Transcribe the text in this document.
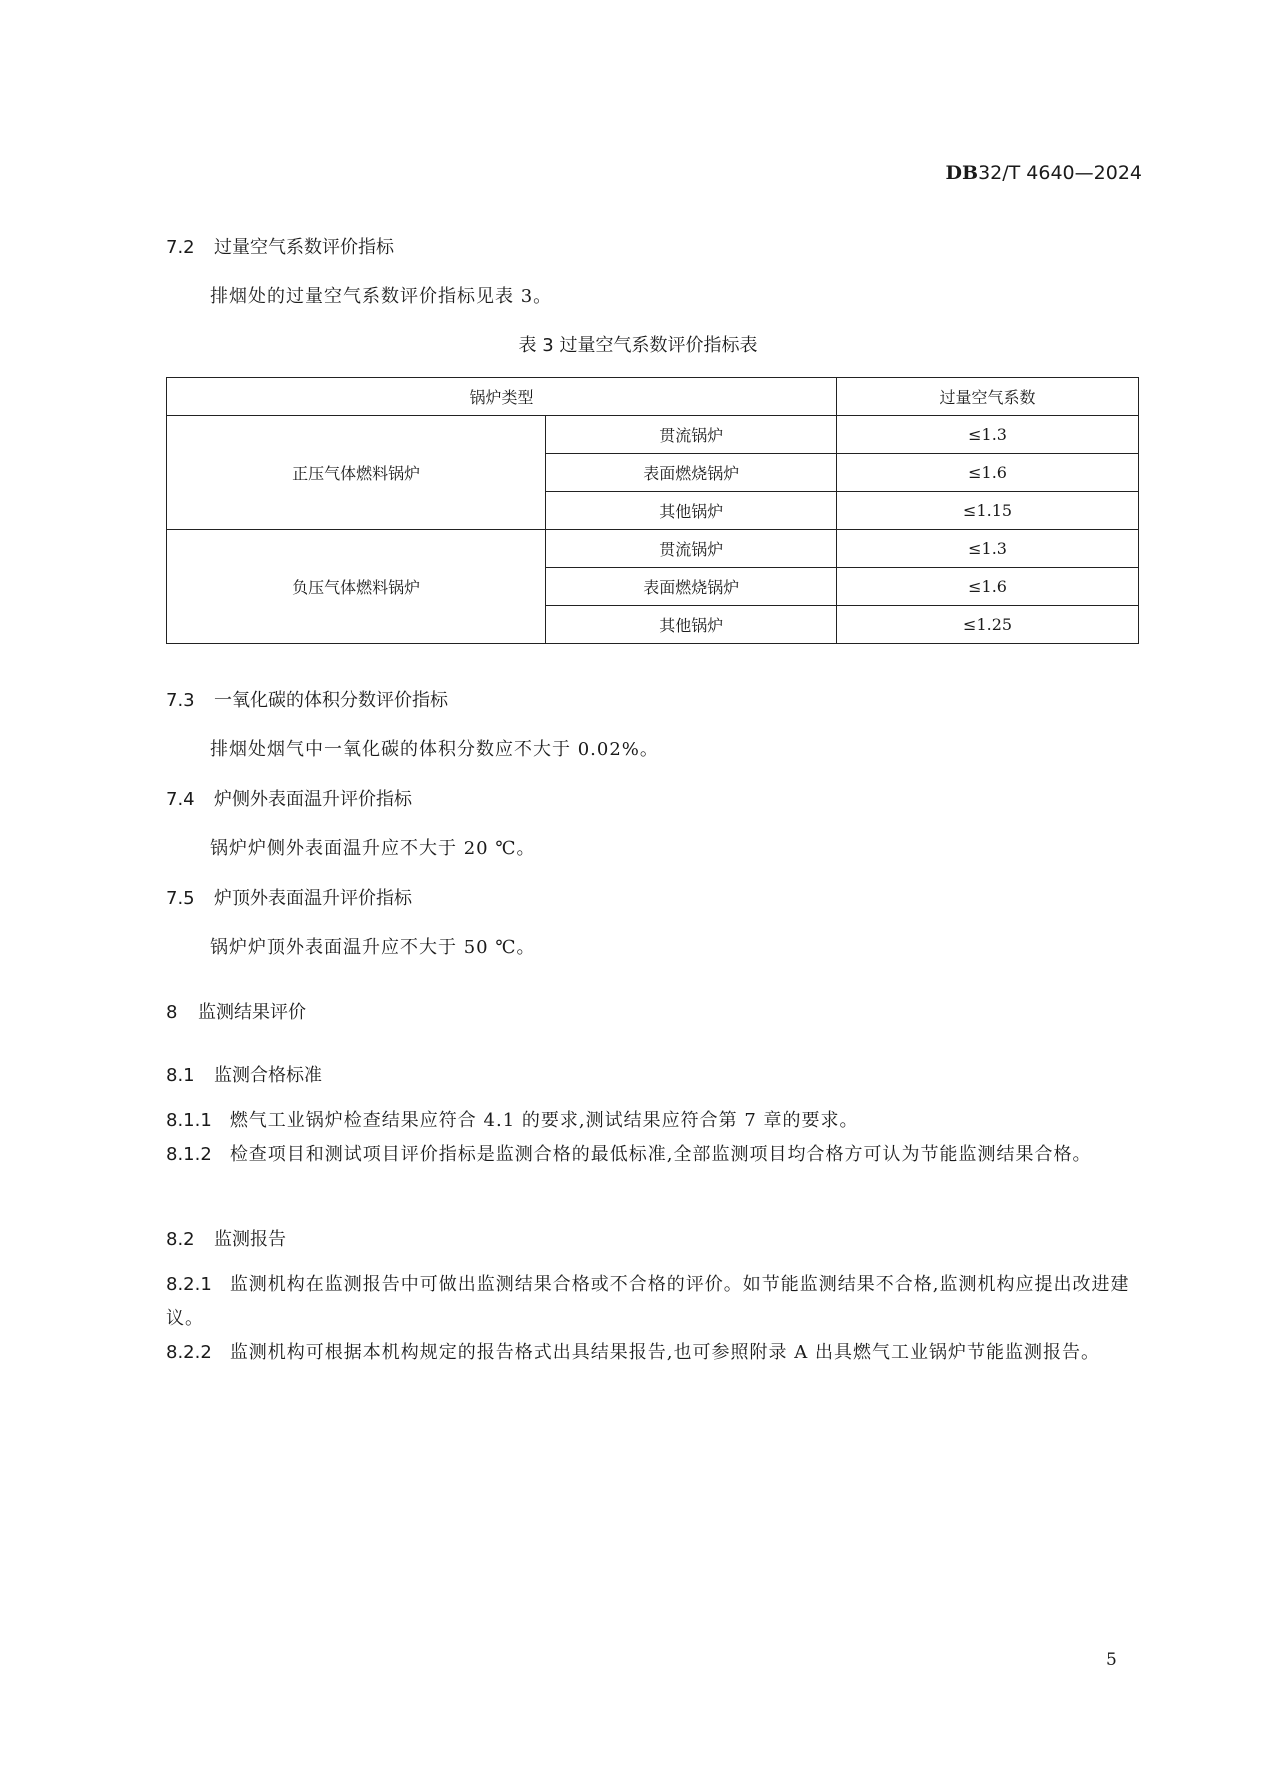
DB32/T 4640—2024
7.2 过量空气系数评价指标
排烟处的过量空气系数评价指标见表 3。
表 3 过量空气系数评价指标表
锅炉类型		过量空气系数
正压气体燃料锅炉	贯流锅炉	≤1.3
	表面燃烧锅炉	≤1.6
	其他锅炉	≤1.15
负压气体燃料锅炉	贯流锅炉	≤1.3
	表面燃烧锅炉	≤1.6
	其他锅炉	≤1.25
7.3 一氧化碳的体积分数评价指标
排烟处烟气中一氧化碳的体积分数应不大于 0.02%。
7.4 炉侧外表面温升评价指标
锅炉炉侧外表面温升应不大于 20 ℃。
7.5 炉顶外表面温升评价指标
锅炉炉顶外表面温升应不大于 50 ℃。
8 监测结果评价
8.1 监测合格标准
8.1.1 燃气工业锅炉检查结果应符合 4.1 的要求,测试结果应符合第 7 章的要求。
8.1.2 检查项目和测试项目评价指标是监测合格的最低标准,全部监测项目均合格方可认为节能监测结果合格。
8.2 监测报告
8.2.1 监测机构在监测报告中可做出监测结果合格或不合格的评价。如节能监测结果不合格,监测机构应提出改进建议。
8.2.2 监测机构可根据本机构规定的报告格式出具结果报告,也可参照附录 A 出具燃气工业锅炉节能监测报告。
5
